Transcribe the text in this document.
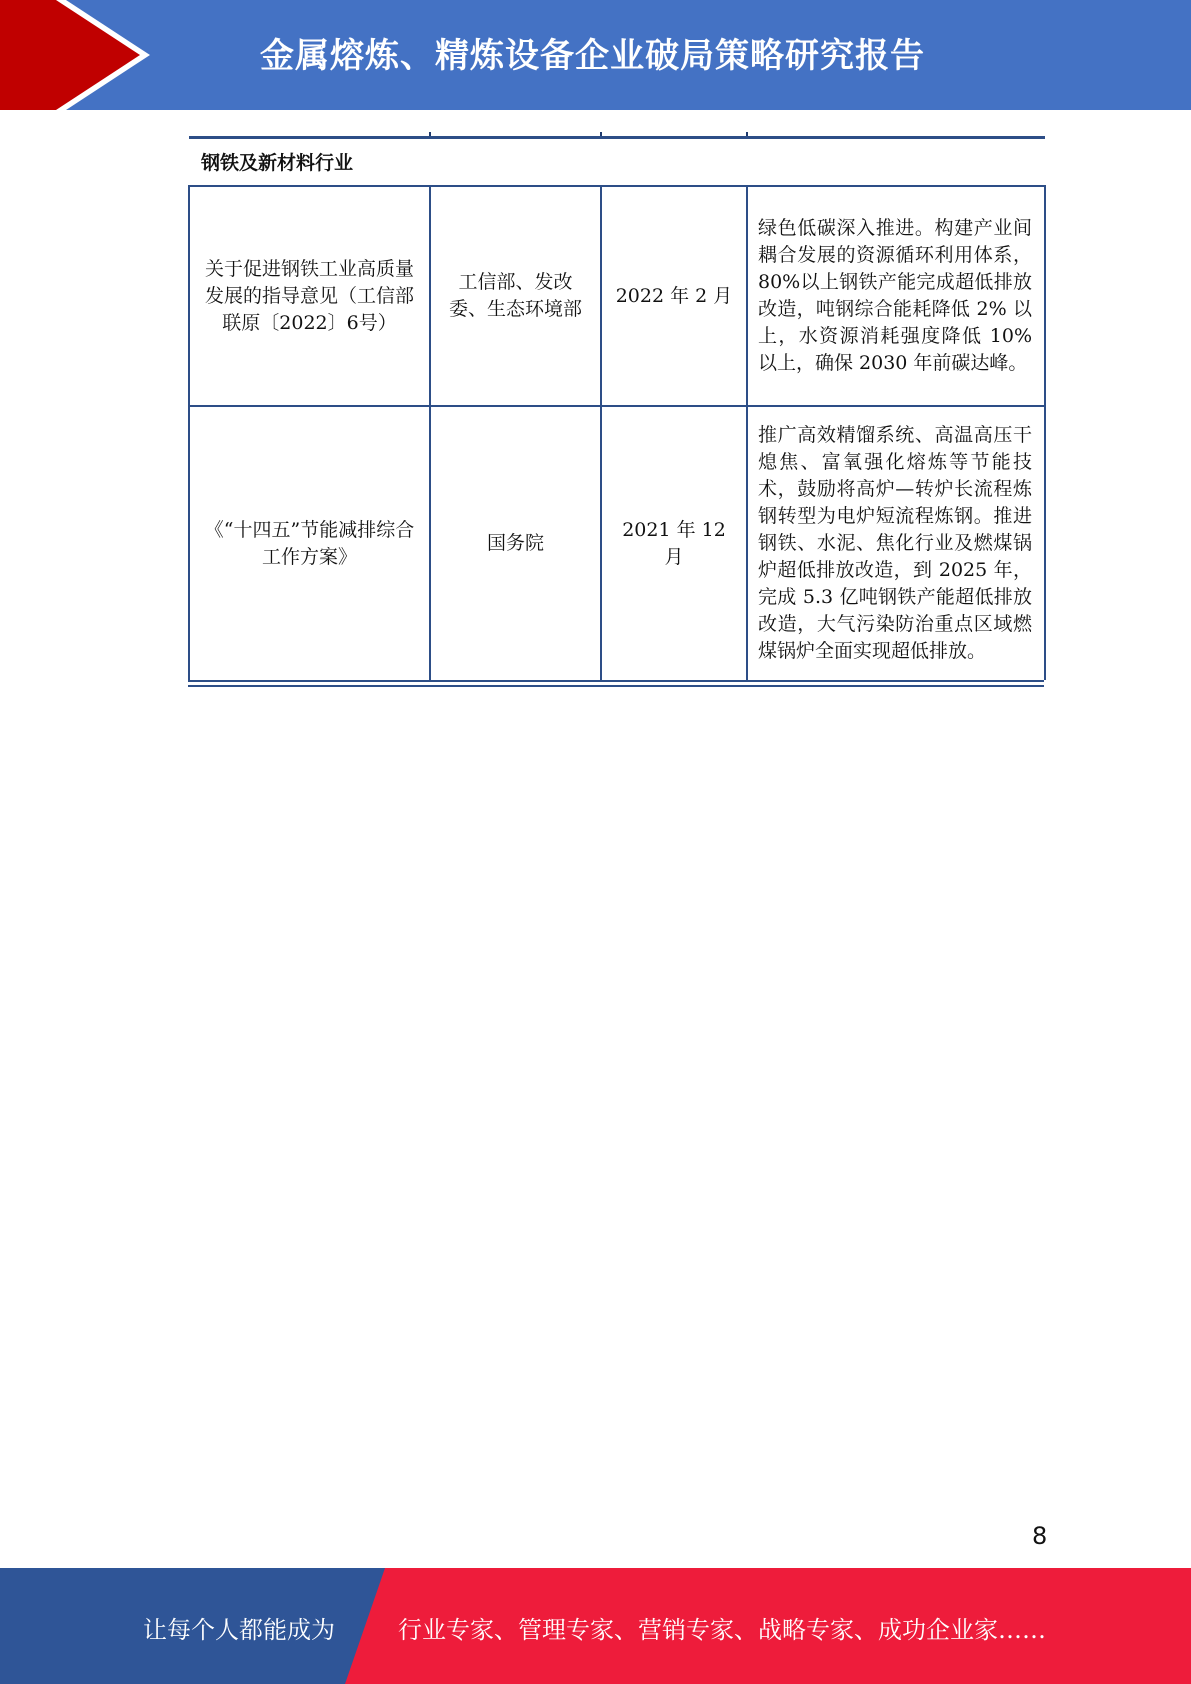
金属熔炼、精炼设备企业破局策略研究报告
钢铁及新材料行业			
关于促进钢铁工业高质量发展的指导意见（工信部联原〔2022〕6号）	工信部、发改委、生态环境部	2022 年 2 月	绿色低碳深入推进。构建产业间耦合发展的资源循环利用体系，80%以上钢铁产能完成超低排放改造，吨钢综合能耗降低 2% 以上，水资源消耗强度降低 10%以上，确保 2030 年前碳达峰。
《“十四五”节能减排综合工作方案》	国务院	2021 年 12 月	推广高效精馏系统、高温高压干熄焦、富氧强化熔炼等节能技术，鼓励将高炉—转炉长流程炼钢转型为电炉短流程炼钢。推进钢铁、水泥、焦化行业及燃煤锅炉超低排放改造，到 2025 年，完成 5.3 亿吨钢铁产能超低排放改造，大气污染防治重点区域燃煤锅炉全面实现超低排放。
8
让每个人都能成为	行业专家、管理专家、营销专家、战略专家、成功企业家……
